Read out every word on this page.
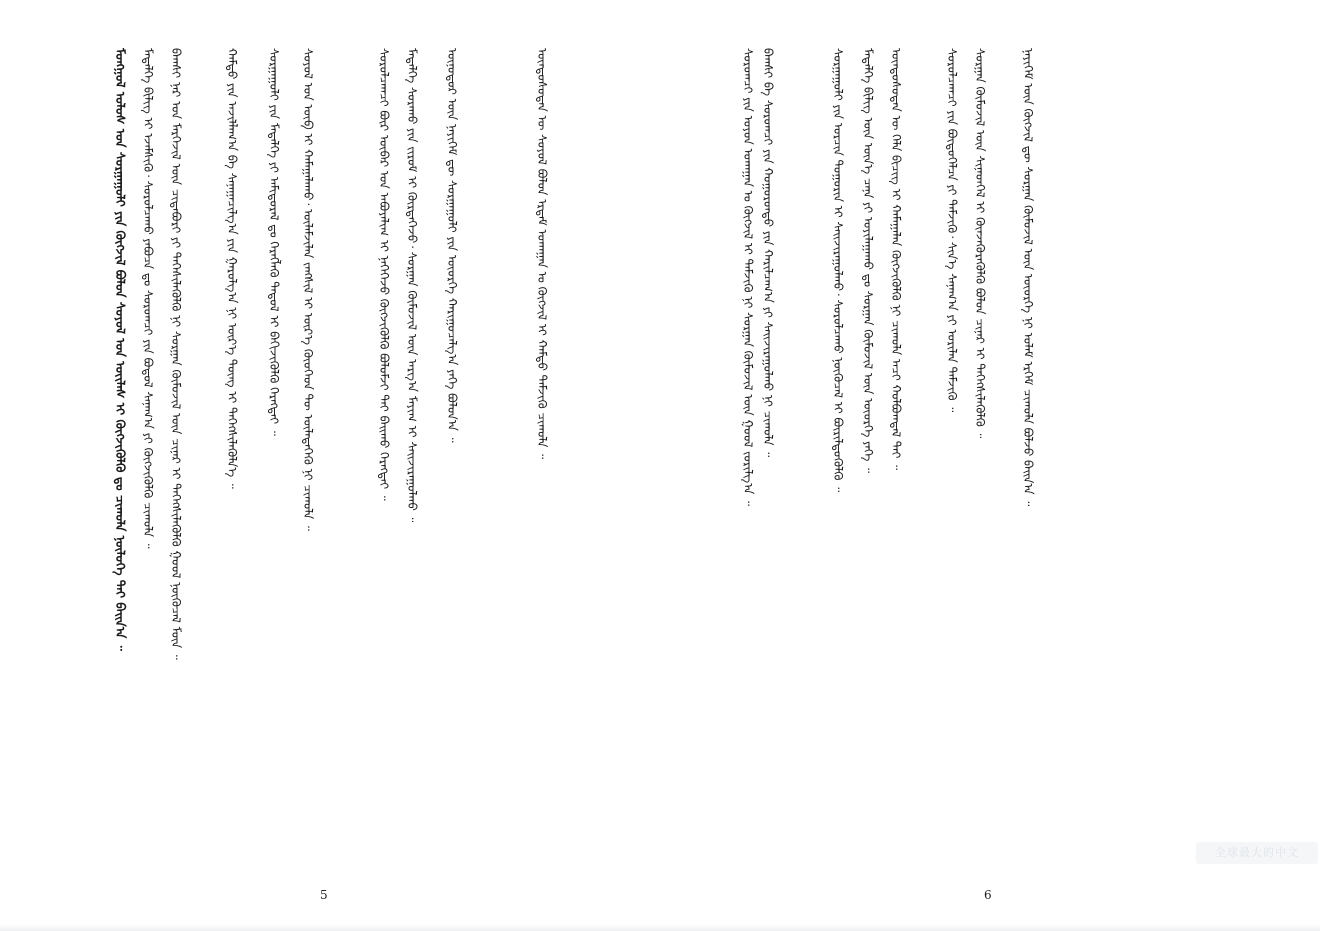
ᠮᠣᠩᠭᠣᠯ ᠤᠯᠤᠰ ᠤᠨ ᠰᠤᠷᠭᠠᠭᠤᠯᠢ ᠶᠢᠨ ᠬᠥᠭᠵᠢᠯ ᠪᠣᠯᠤᠨ ᠰᠣᠶᠤᠯ ᠤᠨ ᠦᠢᠯᠡᠰ ᠢ ᠬᠥᠭᠵᠢᠭᠦᠯᠬᠦ ᠳᠤ ᠴᠢᠬᠤᠯᠠ ᠨᠥᠯᠦᠭᠡ ᠲᠠᠢ ᠪᠠᠢᠨ᠎ᠠ ᠃ ᠮᠡᠳᠡᠯᠭᠡ ᠪᠢᠯᠢᠭ ᠢ ᠡᠵᠡᠮᠰᠢᠬᠦ᠂ ᠰᠤᠷᠤᠯᠴᠠᠬᠤ ᠶᠠᠪᠤᠴᠠ ᠳᠤ ᠰᠤᠷᠤᠭᠴᠢ ᠶᠢᠨ ᠪᠣᠳᠤᠯ ᠰᠠᠨᠠᠭ᠎ᠠ ᠶᠢ ᠬᠥᠭᠵᠢᠭᠦᠯᠬᠦ ᠴᠢᠬᠤᠯᠠ ᠃ ᠪᠠᠭᠰᠢ ᠨᠠᠷ ᠤᠨ ᠮᠡᠷᠭᠡᠵᠢᠯ ᠦᠨ ᠴᠢᠳᠠᠪᠤᠷᠢ ᠶᠢ ᠳᠡᠭᠡᠰᠢᠯᠡᠭᠦᠯᠬᠦ ᠨᠢ ᠰᠤᠷᠭᠠᠨ ᠬᠦᠮᠦᠵᠢᠯ ᠦᠨ ᠴᠢᠨᠠᠷ ᠢ ᠳᠡᠭᠡᠭᠰᠢᠯᠡᠭᠦᠯᠬᠦ ᠭᠣᠣᠯ ᠨᠥᠬᠦᠴᠡᠯ ᠮᠥᠨ ᠃	ᠬᠠᠮᠲᠤ ᠶᠢᠨ ᠠᠵᠢᠯᠯᠠᠭ᠎ᠠ ᠪᠠ ᠰᠠᠨᠠᠭᠠᠴᠢᠯᠭ᠎ᠠ ᠶᠢᠨ ᠭᠠᠷᠤᠯᠭ᠎ᠠ ᠨᠢ ᠦᠷ᠎ᠡ ᠳᠦᠩ ᠢ ᠳᠡᠭᠡᠭᠰᠢᠯᠡᠭᠦᠯᠨ᠎ᠡ ᠃ ᠰᠤᠷᠭᠠᠭᠤᠯᠢ ᠶᠢᠨ ᠮᠡᠳᠡᠯᠭᠡ ᠶᠢ ᠠᠮᠢᠳᠤᠷᠠᠯ ᠳᠤ ᠬᠡᠷᠡᠭᠯᠡᠬᠦ ᠳᠠᠳᠤᠯ ᠢ ᠪᠡᠬᠢᠵᠢᠭᠦᠯᠬᠦ ᠬᠡᠷᠡᠭᠲᠡᠢ ᠃ ᠰᠣᠶᠤᠯ ᠤᠨ ᠦᠪ ᠢ ᠬᠠᠮᠠᠭᠠᠯᠠᠬᠤ᠂ ᠦᠯᠡᠮᠵᠢᠯᠡᠨ ᠵᠠᠩᠰᠢᠯ ᠢ ᠦᠷ᠎ᠡ ᠬᠦᠦᠬᠡᠳ ᠲᠦ ᠦᠯᠡᠳᠡᠭᠡᠬᠦ ᠨᠢ ᠴᠢᠬᠤᠯᠠ ᠃	ᠰᠤᠷᠤᠯᠴᠠᠭᠴᠢ ᠪᠦᠷ ᠥᠪᠡᠷ ᠤᠨ ᠠᠪᠤᠶᠠᠯᠢᠭ ᠢ ᠨᠡᠭᠡᠭᠡᠵᠦ ᠬᠥᠭᠵᠢᠭᠦᠯᠬᠦ ᠪᠣᠯᠤᠮᠵᠢ ᠲᠠᠢ ᠪᠠᠢᠬᠤ ᠬᠡᠷᠡᠭᠲᠡᠢ ᠃ ᠮᠡᠳᠡᠯᠭᠡ ᠰᠤᠷᠠᠬᠤ ᠶᠢᠨ ᠵᠢᠷᠤᠮ ᠢ ᠬᠦᠷᠳᠡᠭᠡᠵᠦ᠂ ᠰᠤᠷᠭᠠᠨ ᠬᠦᠮᠦᠵᠢᠯ ᠦᠨ ᠠᠷᠭ᠎ᠠ ᠮᠠᠶᠢᠭ ᠢ ᠰᠠᠢᠵᠢᠷᠠᠭᠤᠯᠬᠤ ᠃ ᠥᠨᠥᠳᠥᠷ ᠦᠨ ᠨᠡᠶᠢᠭᠡᠮ ᠳᠦ ᠰᠤᠷᠭᠠᠭᠤᠯᠢ ᠶᠢᠨ ᠦᠦᠷᠭᠡ ᠬᠠᠷᠢᠭᠤᠴᠠᠯᠭ᠎ᠠ ᠶᠡᠬᠡ ᠪᠣᠯᠤᠨ᠎ᠠ ᠃	ᠦᠨᠳᠦᠰᠦᠲᠡᠨ ᠦ ᠰᠣᠶᠤᠯ ᠪᠣᠯᠤᠨ ᠡᠷᠳᠡᠮ ᠤᠬᠠᠭᠠᠨ ᠤ ᠬᠥᠭᠵᠢᠯ ᠢ ᠬᠠᠮᠲᠤ ᠳᠡᠮᠵᠢᠬᠦ ᠴᠢᠬᠤᠯᠠ ᠃
5
ᠰᠤᠷᠤᠭᠴᠢ ᠶᠢᠨ ᠣᠶᠤᠨ ᠤᠬᠠᠭᠠᠨ ᠤ ᠬᠥᠭᠵᠢᠯ ᠢ ᠳᠡᠮᠵᠢᠬᠦ ᠨᠢ ᠰᠤᠷᠭᠠᠨ ᠬᠦᠮᠦᠵᠢᠯ ᠦᠨ ᠭᠣᠣᠯ ᠵᠣᠷᠢᠯᠭ᠎ᠠ ᠃ ᠪᠠᠭᠰᠢ ᠪᠠ ᠰᠤᠷᠤᠭᠴᠢ ᠶᠢᠨ ᠬᠣᠭᠣᠷᠣᠨᠳᠤ ᠶᠢᠨ ᠬᠠᠷᠢᠯᠴᠠᠭ᠎ᠠ ᠶᠢ ᠰᠠᠢᠵᠢᠷᠠᠭᠤᠯᠬᠤ ᠨᠢ ᠴᠢᠬᠤᠯᠠ ᠃	ᠰᠤᠷᠭᠠᠭᠤᠯᠢ ᠶᠢᠨ ᠣᠷᠴᠢᠨ ᠲᠣᠭᠣᠷᠢᠨ ᠢ ᠰᠠᠢᠵᠢᠷᠠᠭᠤᠯᠬᠤ᠂ ᠰᠤᠷᠤᠯᠴᠠᠬᠤ ᠨᠥᠬᠦᠴᠡᠯ ᠢ ᠪᠦᠷᠢᠯᠳᠦᠭᠦᠯᠬᠦ ᠃ ᠮᠡᠳᠡᠯᠭᠡ ᠪᠢᠯᠢᠭ ᠦᠨ ᠦᠨ᠎ᠡ ᠴᠡᠨᠡ ᠶᠢ ᠣᠶᠢᠯᠠᠭᠠᠬᠤ ᠳᠤ ᠰᠤᠷᠭᠠᠨ ᠬᠦᠮᠦᠵᠢᠯ ᠦᠨ ᠦᠦᠷᠭᠡ ᠶᠡᠬᠡ ᠃ ᠦᠨᠳᠦᠰᠦᠲᠡᠨ ᠦ ᠬᠡᠯᠡ ᠪᠢᠴᠢᠭ ᠢ ᠬᠠᠮᠠᠭᠠᠯᠠᠨ ᠬᠥᠭᠵᠢᠭᠦᠯᠬᠦ ᠨᠢ ᠴᠢᠬᠤᠯᠠ ᠠᠴᠢ ᠬᠣᠯᠪᠣᠭᠳᠠᠯ ᠲᠠᠢ ᠃	ᠰᠤᠷᠤᠯᠴᠠᠭᠴᠢ ᠶᠢᠨ ᠪᠦᠲᠦᠭᠡᠯᠴᠡ ᠶᠢ ᠳᠡᠮᠵᠢᠬᠦ᠂ ᠰᠢᠨ᠎ᠡ ᠰᠠᠨᠠᠭ᠎ᠠ ᠶᠢ ᠤᠷᠢᠯᠠᠨ ᠳᠡᠮᠵᠢᠬᠦ ᠃ ᠰᠤᠷᠭᠠᠨ ᠬᠦᠮᠦᠵᠢᠯ ᠦᠨ ᠰᠢᠨᠡᠳᠭᠡᠯ ᠢ ᠭᠦᠨᠵᠡᠭᠦᠷᠡᠭᠦᠯᠬᠦ ᠪᠣᠯᠤᠨ ᠴᠢᠨᠠᠷ ᠢ ᠳᠡᠭᠡᠭᠰᠢᠯᠡᠭᠦᠯᠬᠦ ᠃	ᠨᠡᠶᠢᠭᠡᠮ ᠦᠨ ᠬᠥᠭᠵᠢᠯ ᠳᠦ ᠰᠤᠷᠭᠠᠨ ᠬᠦᠮᠦᠵᠢᠯ ᠦᠨ ᠦᠦᠷᠭᠡ ᠨᠢ ᠤᠯᠠᠮ ᠡᠷᠬᠡᠮ ᠴᠢᠬᠤᠯᠠ ᠪᠣᠯᠵᠤ ᠪᠠᠢᠨ᠎ᠠ ᠃
6
全球最大的中文
